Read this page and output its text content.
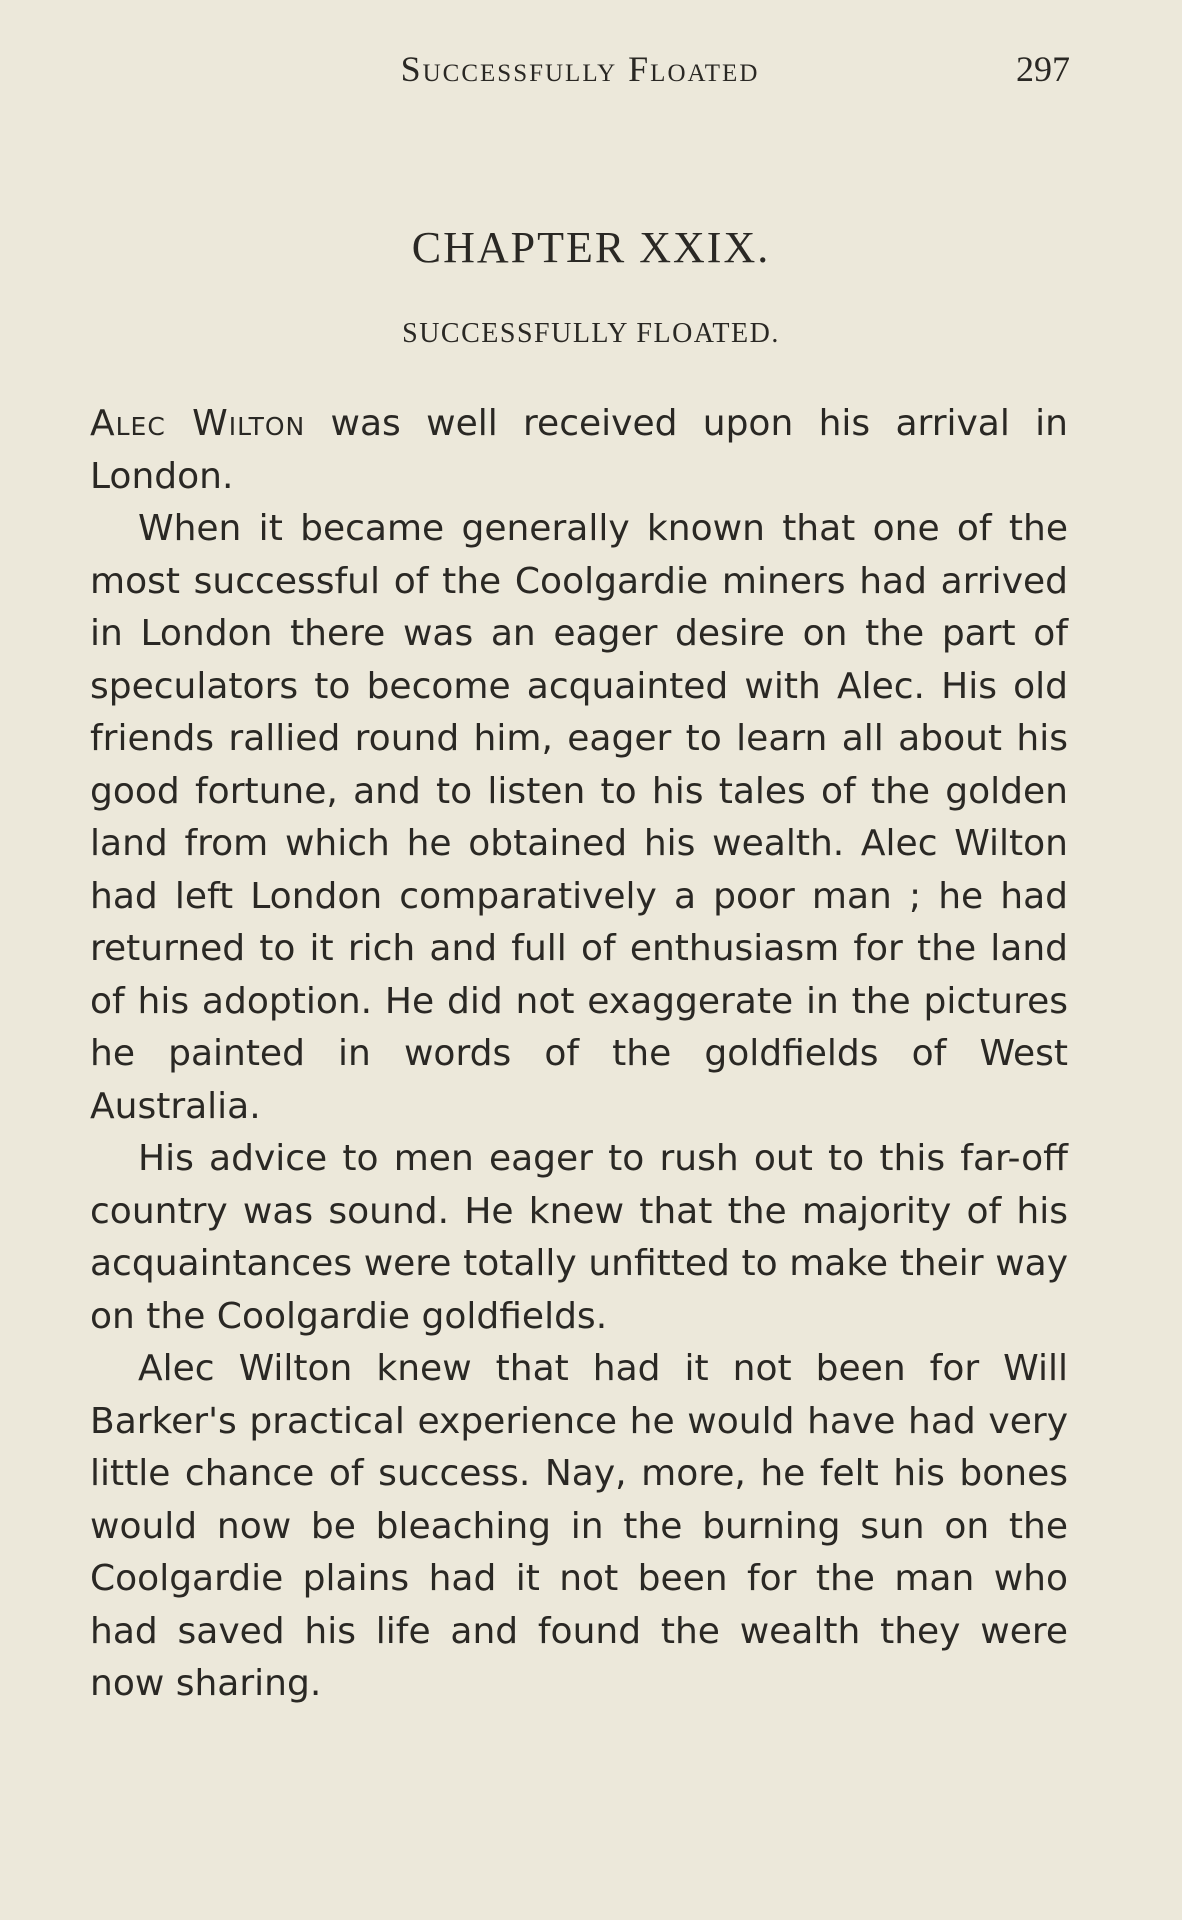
Successfully Floated	297
CHAPTER XXIX.
SUCCESSFULLY FLOATED.

Alec Wilton was well received upon his arrival in London.

When it became generally known that one of the most successful of the Coolgardie miners had arrived in London there was an eager desire on the part of speculators to become acquainted with Alec. His old friends rallied round him, eager to learn all about his good fortune, and to listen to his tales of the golden land from which he obtained his wealth. Alec Wilton had left London comparatively a poor man ; he had returned to it rich and full of enthusiasm for the land of his adoption. He did not exaggerate in the pictures he painted in words of the goldfields of West Australia.

His advice to men eager to rush out to this far-off country was sound. He knew that the majority of his acquaintances were totally unfitted to make their way on the Coolgardie goldfields.

Alec Wilton knew that had it not been for Will Barker's practical experience he would have had very little chance of success. Nay, more, he felt his bones would now be bleaching in the burning sun on the Coolgardie plains had it not been for the man who had saved his life and found the wealth they were now sharing.
